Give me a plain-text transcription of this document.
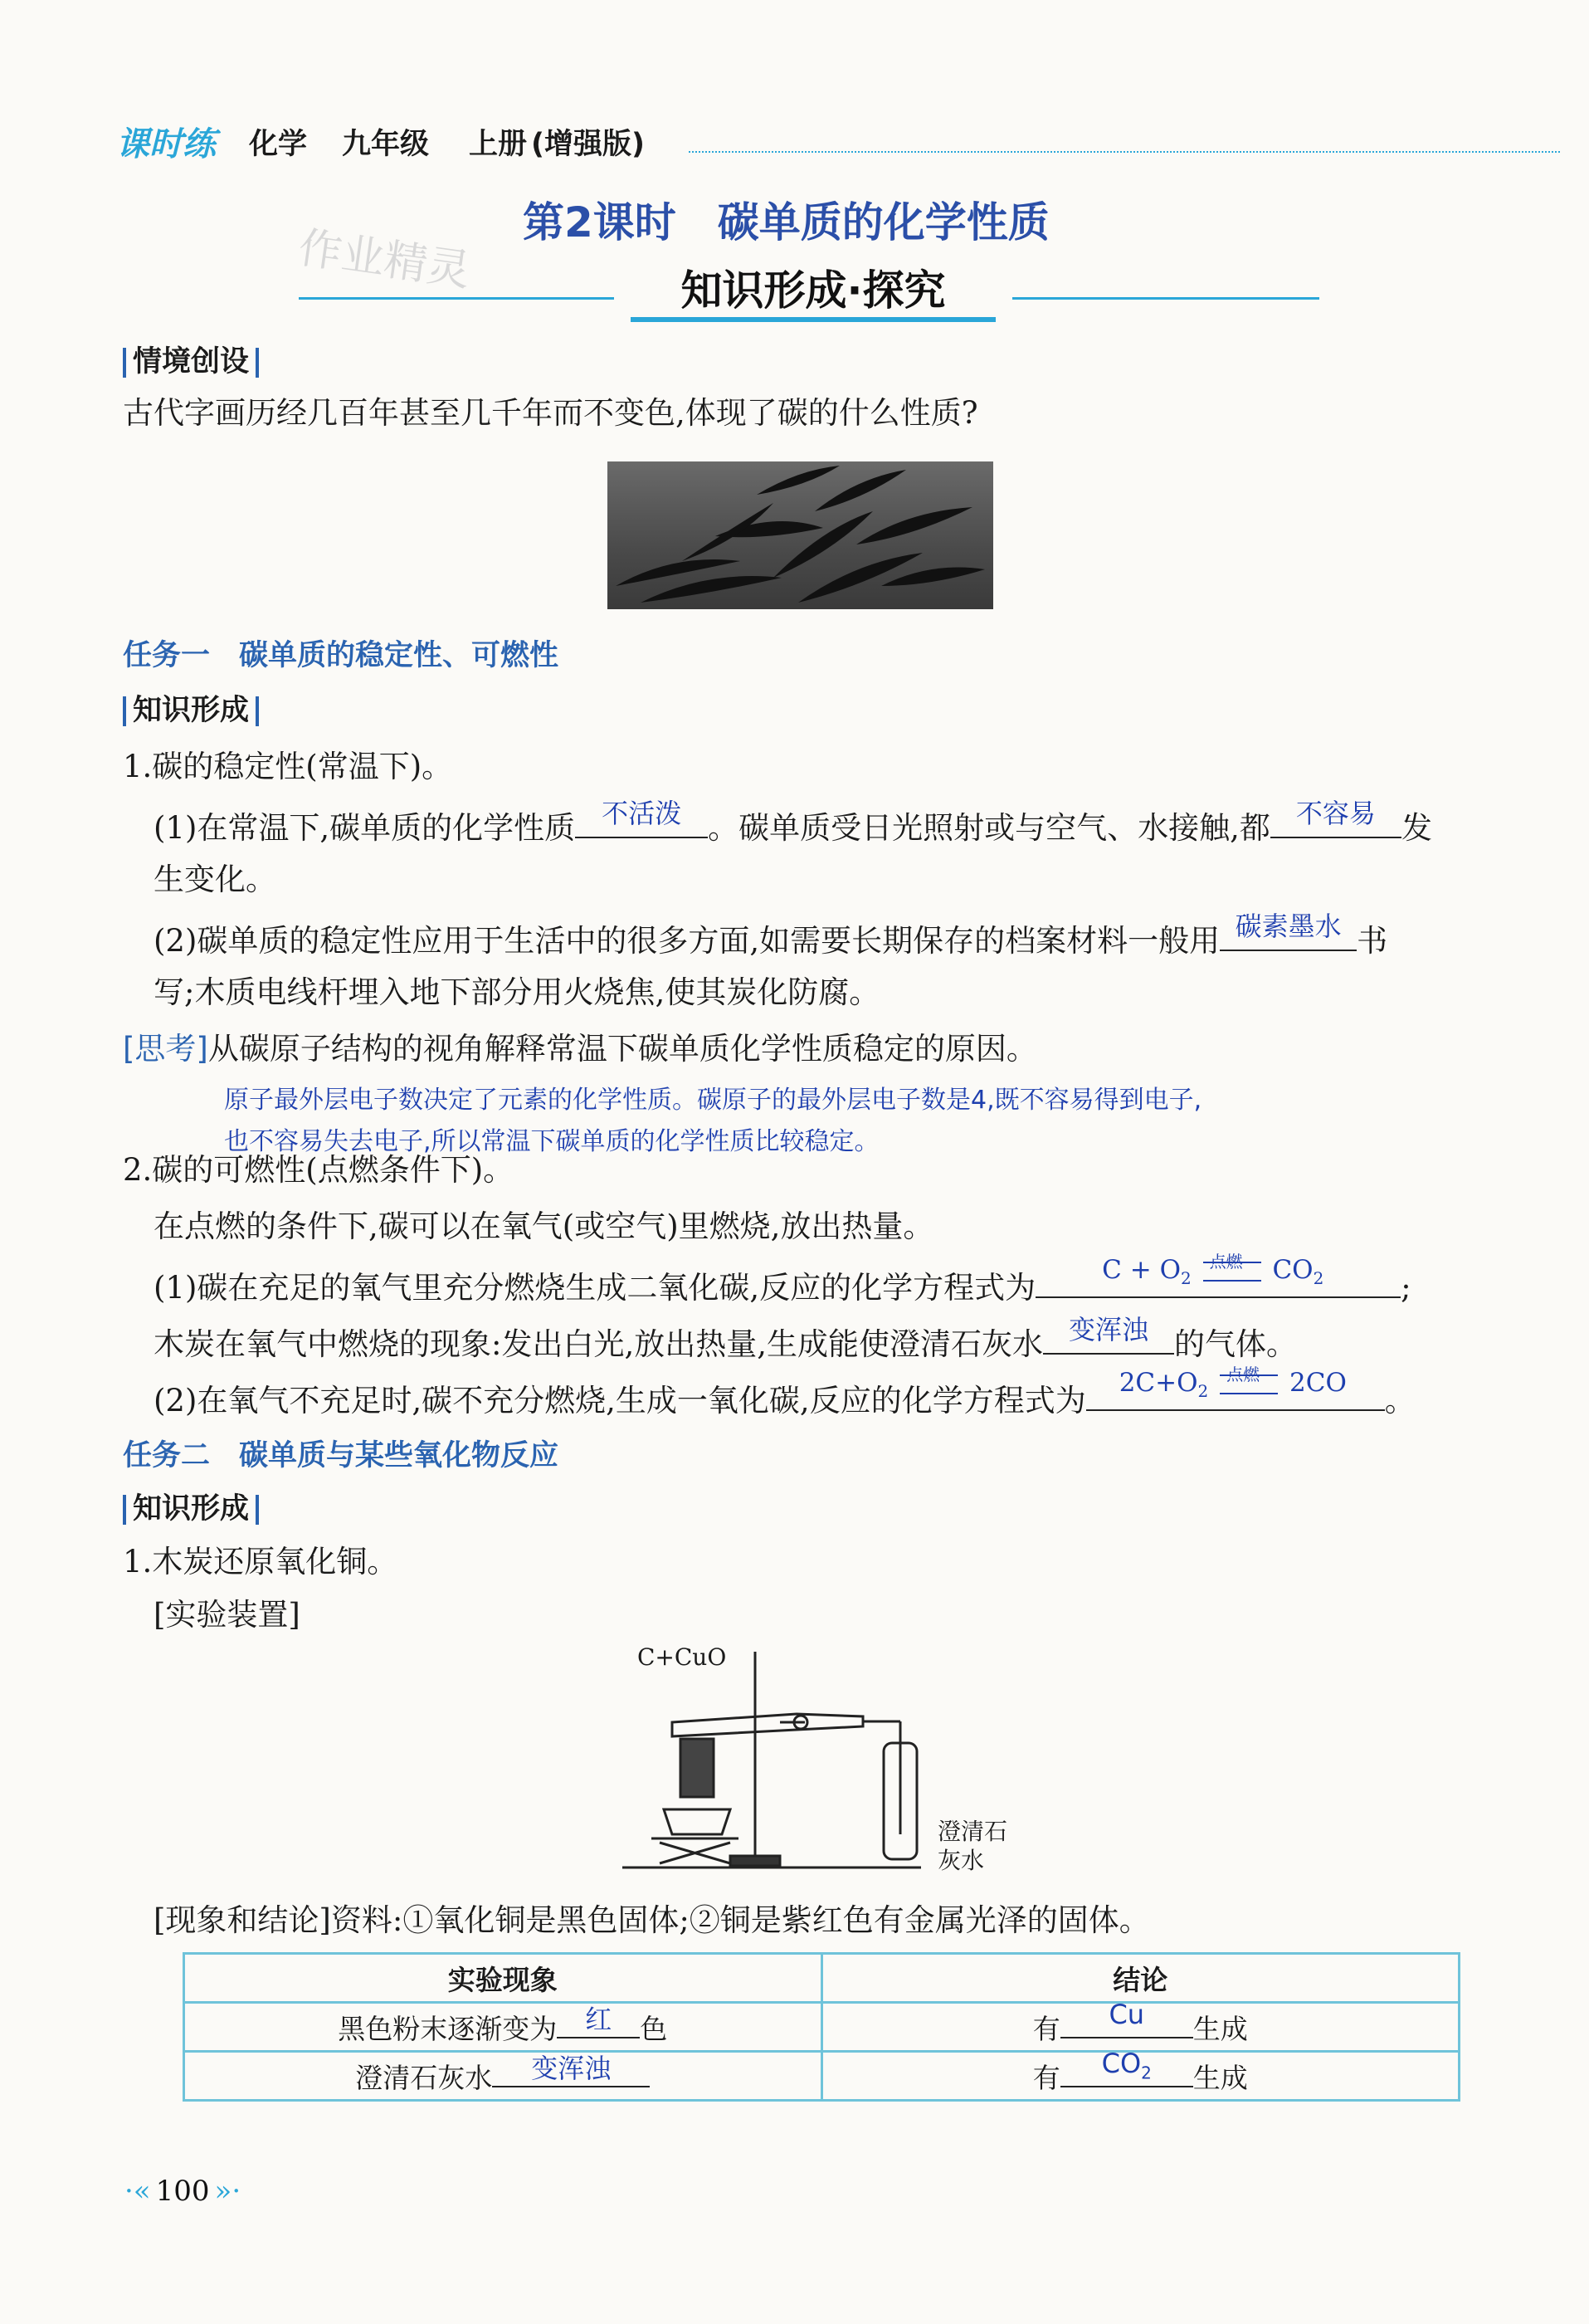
课时练 化学 九年级 上册 (增强版)
第2课时　碳单质的化学性质
作业精灵	知识形成·探究
情境创设
古代字画历经几百年甚至几千年而不变色,体现了碳的什么性质?
任务一　碳单质的稳定性、可燃性
知识形成
1.碳的稳定性(常温下)。
(1)在常温下,碳单质的化学性质 不活泼 。碳单质受日光照射或与空气、水接触,都 不容易 发
生变化。
(2)碳单质的稳定性应用于生活中的很多方面,如需要长期保存的档案材料一般用 碳素墨水 书
写;木质电线杆埋入地下部分用火烧焦,使其炭化防腐。
[思考]从碳原子结构的视角解释常温下碳单质化学性质稳定的原因。
原子最外层电子数决定了元素的化学性质。碳原子的最外层电子数是4,既不容易得到电子,
也不容易失去电子,所以常温下碳单质的化学性质比较稳定。
2.碳的可燃性(点燃条件下)。
在点燃的条件下,碳可以在氧气(或空气)里燃烧,放出热量。
(1)碳在充足的氧气里充分燃烧生成二氧化碳,反应的化学方程式为	$C + O_2$
点燃 $CO_2$	;
木炭在氧气中燃烧的现象:发出白光,放出热量,生成能使澄清石灰水 变浑浊 的气体。
(2)在氧气不充足时,碳不充分燃烧,生成一氧化碳,反应的化学方程式为 $2C+O_2$
点燃 2CO 。
任务二　碳单质与某些氧化物反应
知识形成
1.木炭还原氧化铜。
[实验装置]
C+CuO
澄清石
灰水
[现象和结论]资料:①氧化铜是黑色固体;②铜是紫红色有金属光泽的固体。
实验现象	结论
黑色粉末逐渐变为 红 色	有 Cu 生成
澄清石灰水 变浑浊	有 $CO_2$ 生成
·« 100 »·
